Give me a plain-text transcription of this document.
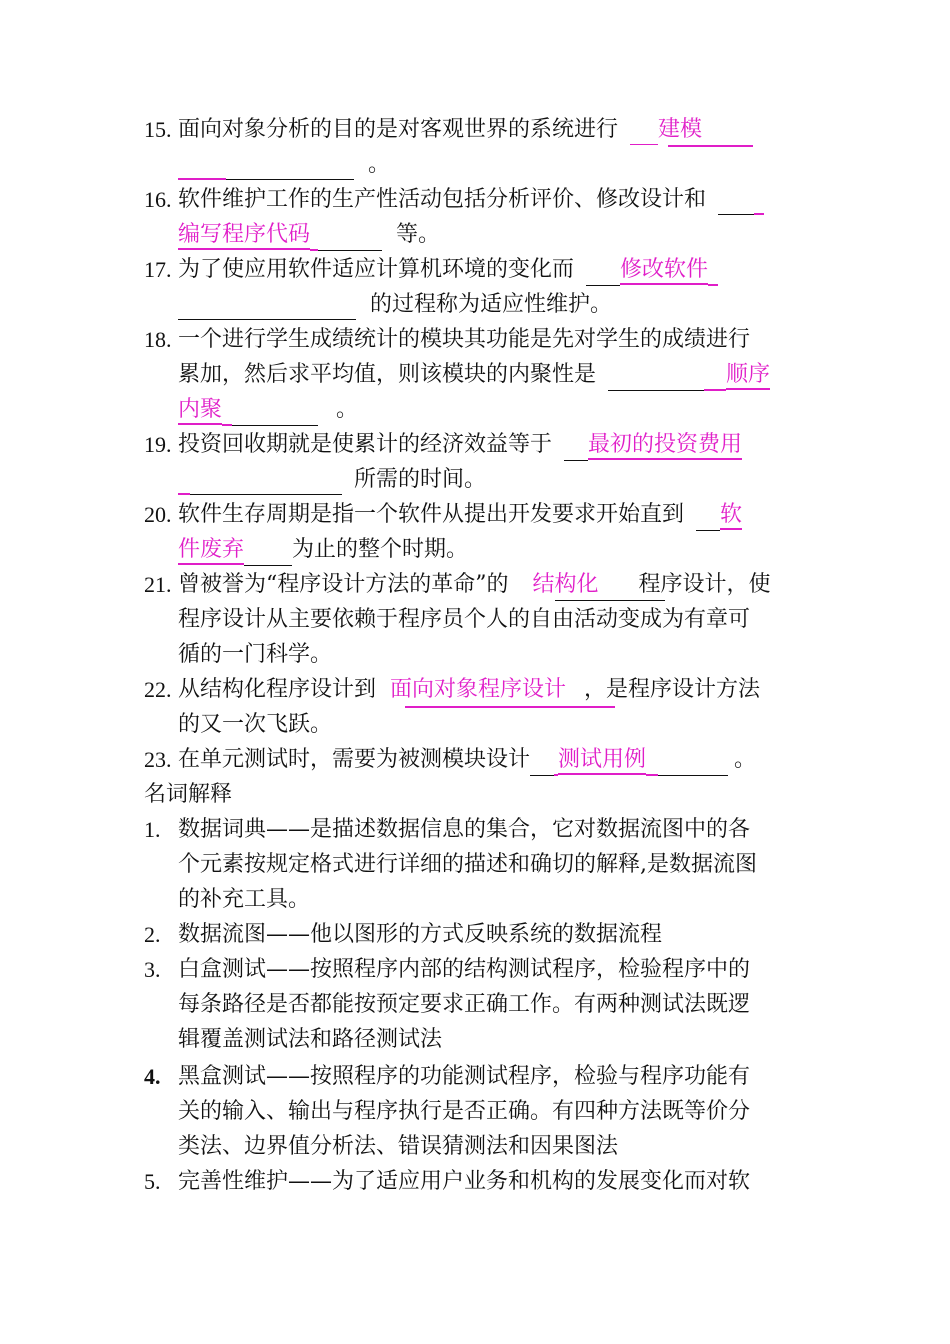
15. 面向对象分析的目的是对客观世界的系统进行 建模
。
16. 软件维护工作的生产性活动包括分析评价、修改设计和
编写程序代码	等。
17. 为了使应用软件适应计算机环境的变化而 修改软件
的过程称为适应性维护。
18. 一个进行学生成绩统计的模块其功能是先对学生的成绩进行
累加，然后求平均值，则该模块的内聚性是	顺序
内聚	。
19. 投资回收期就是使累计的经济效益等于 最初的投资费用
所需的时间。
20. 软件生存周期是指一个软件从提出开发要求开始直到 软
件废弃 为止的整个时期。
21. 曾被誉为“程序设计方法的革命”的 结构化 程序设计，使
程序设计从主要依赖于程序员个人的自由活动变成为有章可
循的一门科学。
22. 从结构化程序设计到 面向对象程序设计 ，是程序设计方法
的又一次飞跃。
23. 在单元测试时，需要为被测模块设计 测试用例	。
名词解释
1. 数据词典——是描述数据信息的集合，它对数据流图中的各
个元素按规定格式进行详细的描述和确切的解释,是数据流图
的补充工具。
2. 数据流图——他以图形的方式反映系统的数据流程
3. 白盒测试——按照程序内部的结构测试程序，检验程序中的
每条路径是否都能按预定要求正确工作。有两种测试法既逻
辑覆盖测试法和路径测试法
4. 黑盒测试——按照程序的功能测试程序，检验与程序功能有
关的输入、输出与程序执行是否正确。有四种方法既等价分
类法、边界值分析法、错误猜测法和因果图法
5. 完善性维护——为了适应用户业务和机构的发展变化而对软
